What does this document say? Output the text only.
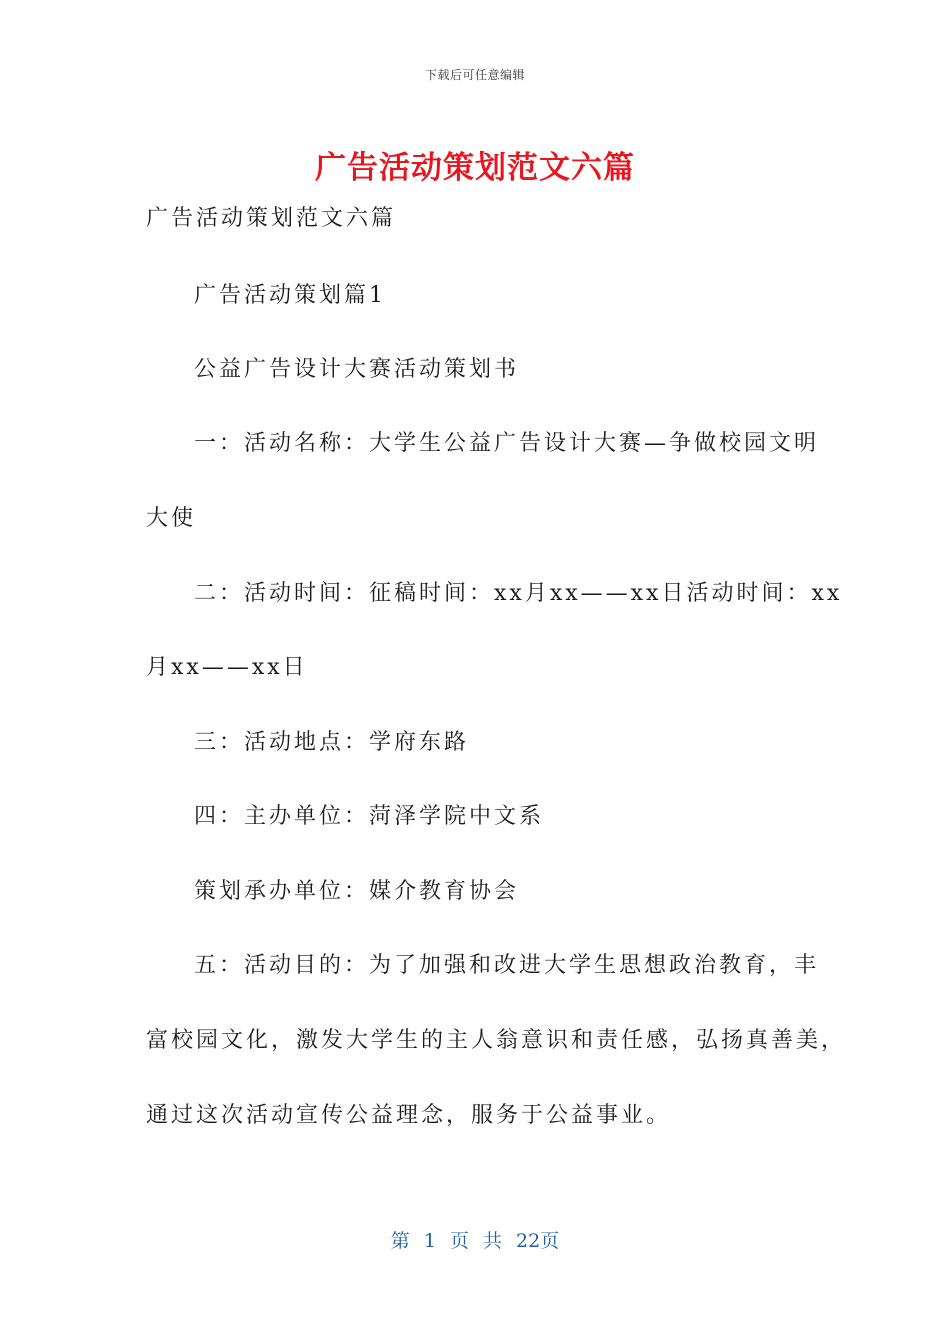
下载后可任意编辑
广告活动策划范文六篇
广告活动策划范文六篇
广告活动策划篇1
公益广告设计大赛活动策划书
一：活动名称：大学生公益广告设计大赛—争做校园文明
大使
二：活动时间：征稿时间：xx月xx——xx日活动时间：xx
月xx——xx日
三：活动地点：学府东路
四：主办单位：菏泽学院中文系
策划承办单位：媒介教育协会
五：活动目的：为了加强和改进大学生思想政治教育，丰
富校园文化，激发大学生的主人翁意识和责任感，弘扬真善美，
通过这次活动宣传公益理念，服务于公益事业。
第 1 页 共 22页
